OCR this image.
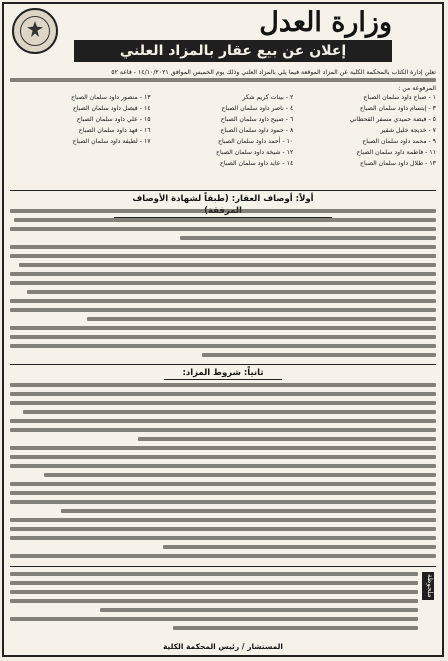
وزارة العدل
إعلان عن بيع عقار بالمزاد العلني
تعلن إدارة الكتاب بالمحكمة الكلية عن المزاد الموقعة فيما يلي بالمزاد العلني وذلك يوم الخميس الموافق ١٤/١٠/٢٠٢١ - قاعة ٥٢
المرفوعة من :
١ - صباح داود سلمان الصباح
٣ - إبتسام داود سلمان الصباح
٥ - فيضة حميدي مسفر القحطاني
٧ - خديجة خليل شقير
٩ - محمد داود سلمان الصباح
١١ - فاطمة داود سلمان الصباح
١٣ - طلال داود سلمان الصباح
٢ - بينات كريم شكر
٤ - ناصر داود سلمان الصباح
٦ - صبيح داود سلمان الصباح
٨ - حمود داود سلمان الصباح
١٠ - أحمد داود سلمان الصباح
١٢ - شيخة داود سلمان الصباح
١٤ - عايد داود سلمان الصباح
١٣ - منصور داود سلمان الصباح
١٤ - فيصل داود سلمان الصباح
١٥ - علي داود سلمان الصباح
١٦ - فهد داود سلمان الصباح
١٧ - لطيفة داود سلمان الصباح
أولاً: أوصاف العقار: (طبقاً لشهادة الأوصاف
ثانياً: شروط المزاد:
ملحوظة
المستشار / رئيس المحكمة الكلية
